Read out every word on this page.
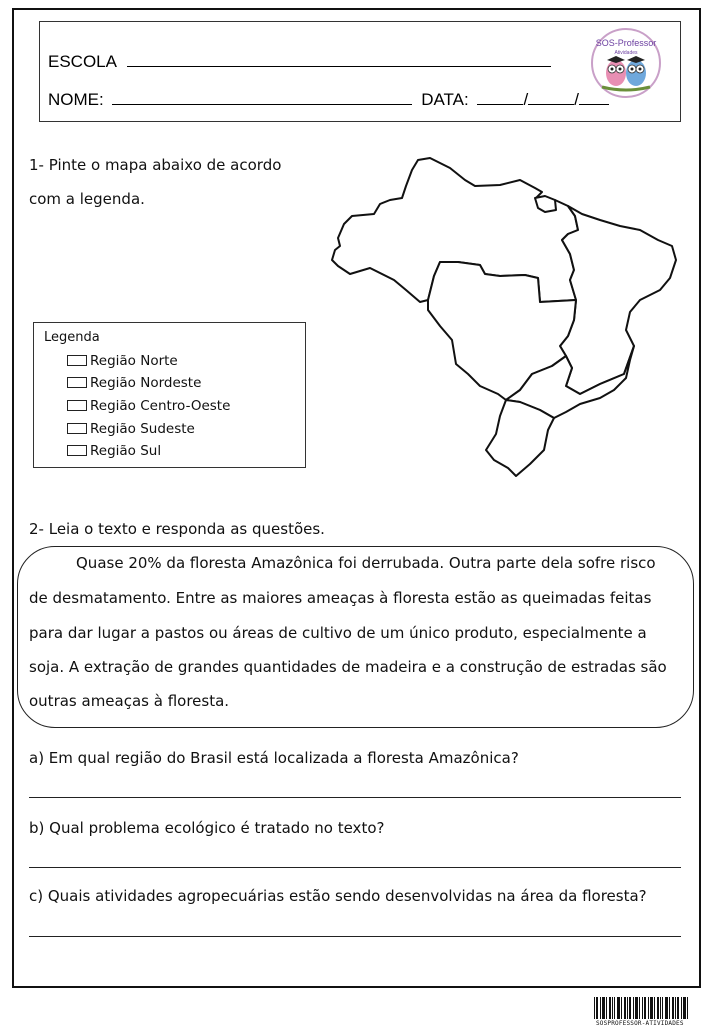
ESCOLA
NOME:	DATA:	/	/
SOS-Professor
Atividades
1- Pinte o mapa abaixo de acordo
com a legenda.
Legenda
Região Norte
Região Nordeste
Região Centro-Oeste
Região Sudeste
Região Sul
2- Leia o texto e responda as questões.
Quase 20% da floresta Amazônica foi derrubada. Outra parte dela sofre risco
de desmatamento. Entre as maiores ameaças à floresta estão as queimadas feitas
para dar lugar a pastos ou áreas de cultivo de um único produto, especialmente a
soja. A extração de grandes quantidades de madeira e a construção de estradas são
outras ameaças à floresta.
a) Em qual região do Brasil está localizada a floresta Amazônica?
b) Qual problema ecológico é tratado no texto?
c) Quais atividades agropecuárias estão sendo desenvolvidas na área da floresta?
SOSPROFESSOR-ATIVIDADES
